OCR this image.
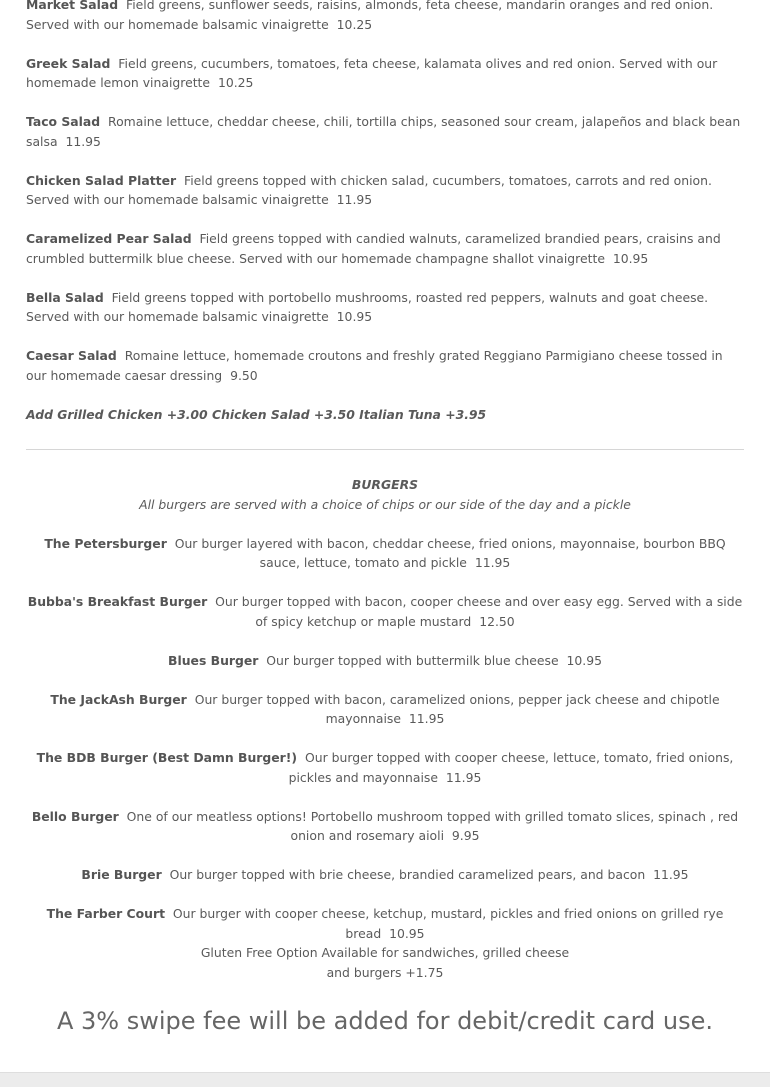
Market Salad Field greens, sunflower seeds, raisins, almonds, feta cheese, mandarin oranges and red onion. Served with our homemade balsamic vinaigrette 10.25
Greek Salad Field greens, cucumbers, tomatoes, feta cheese, kalamata olives and red onion. Served with our homemade lemon vinaigrette 10.25
Taco Salad Romaine lettuce, cheddar cheese, chili, tortilla chips, seasoned sour cream, jalapeños and black bean salsa 11.95
Chicken Salad Platter Field greens topped with chicken salad, cucumbers, tomatoes, carrots and red onion. Served with our homemade balsamic vinaigrette 11.95
Caramelized Pear Salad Field greens topped with candied walnuts, caramelized brandied pears, craisins and crumbled buttermilk blue cheese. Served with our homemade champagne shallot vinaigrette 10.95
Bella Salad Field greens topped with portobello mushrooms, roasted red peppers, walnuts and goat cheese. Served with our homemade balsamic vinaigrette 10.95
Caesar Salad Romaine lettuce, homemade croutons and freshly grated Reggiano Parmigiano cheese tossed in our homemade caesar dressing 9.50
Add Grilled Chicken +3.00 Chicken Salad +3.50 Italian Tuna +3.95
BURGERS
All burgers are served with a choice of chips or our side of the day and a pickle
The Petersburger Our burger layered with bacon, cheddar cheese, fried onions, mayonnaise, bourbon BBQ sauce, lettuce, tomato and pickle 11.95
Bubba's Breakfast Burger Our burger topped with bacon, cooper cheese and over easy egg. Served with a side of spicy ketchup or maple mustard 12.50
Blues Burger Our burger topped with buttermilk blue cheese 10.95
The JackAsh Burger Our burger topped with bacon, caramelized onions, pepper jack cheese and chipotle mayonnaise 11.95
The BDB Burger (Best Damn Burger!) Our burger topped with cooper cheese, lettuce, tomato, fried onions, pickles and mayonnaise 11.95
Bello Burger One of our meatless options! Portobello mushroom topped with grilled tomato slices, spinach , red onion and rosemary aioli 9.95
Brie Burger Our burger topped with brie cheese, brandied caramelized pears, and bacon 11.95
The Farber Court Our burger with cooper cheese, ketchup, mustard, pickles and fried onions on grilled rye bread 10.95
Gluten Free Option Available for sandwiches, grilled cheese
and burgers +1.75
A 3% swipe fee will be added for debit/credit card use.
